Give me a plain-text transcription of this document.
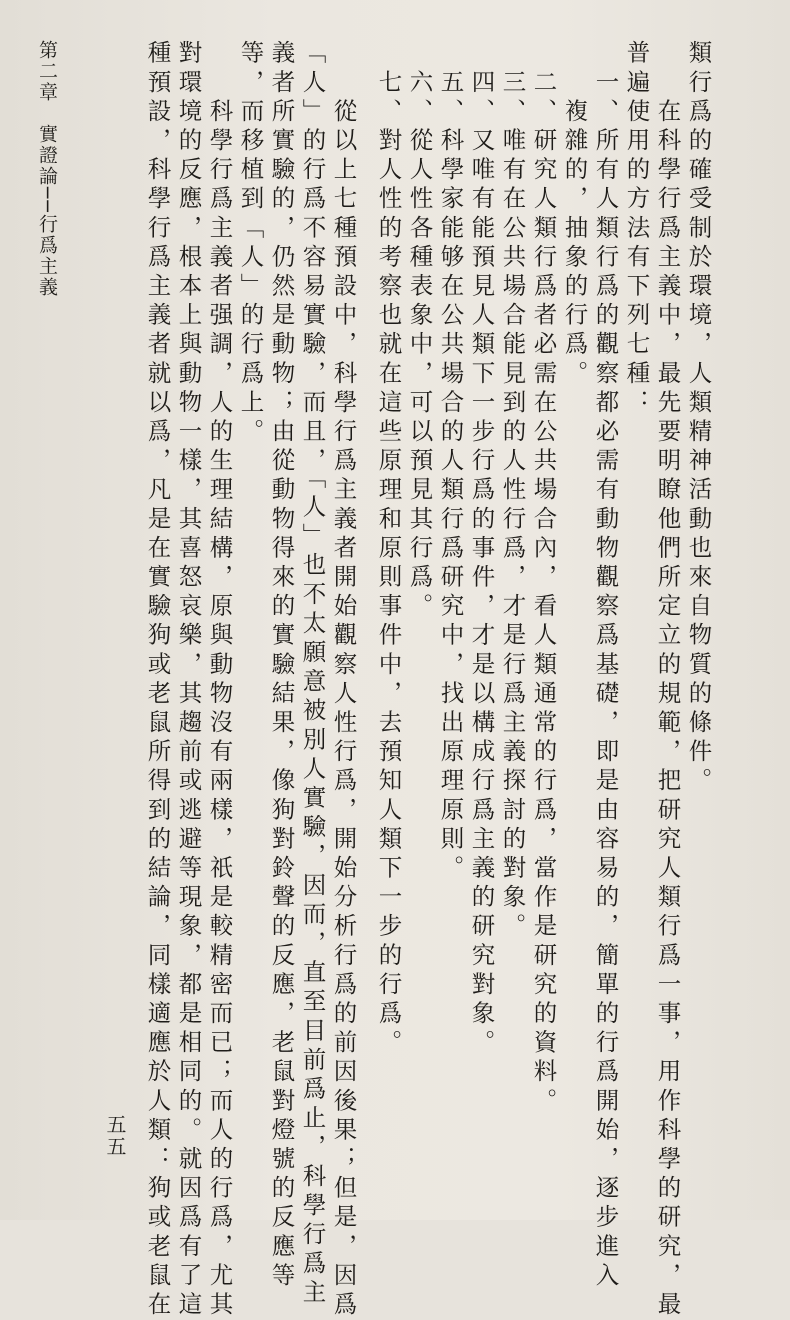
類行爲的確受制於環境，人類精神活動也來自物質的條件。
　　在科學行爲主義中，最先要明瞭他們所定立的規範，把研究人類行爲一事，用作科學的研究，最
普遍使用的方法有下列七種：
　一、所有人類行爲的觀察都必需有動物觀察爲基礎，即是由容易的，簡單的行爲開始，逐步進入
　　複雜的，抽象的行爲。
　二、研究人類行爲者必需在公共場合內，看人類通常的行爲，當作是研究的資料。
　三、唯有在公共場合能見到的人性行爲，才是行爲主義探討的對象。
　四、又唯有能預見人類下一步行爲的事件，才是以構成行爲主義的研究對象。
　五、科學家能够在公共場合的人類行爲研究中，找出原理原則。
　六、從人性各種表象中，可以預見其行爲。
　七、對人性的考察也就在這些原理和原則事件中，去預知人類下一步的行爲。
　　從以上七種預設中，科學行爲主義者開始觀察人性行爲，開始分析行爲的前因後果；但是，因爲
「人」的行爲不容易實驗，而且，「人」也不太願意被別人實驗，因而，直至目前爲止，科學行爲主
義者所實驗的，仍然是動物；由從動物得來的實驗結果，像狗對鈴聲的反應，老鼠對燈號的反應等
等，而移植到「人」的行爲上。
　　科學行爲主義者强調，人的生理結構，原與動物沒有兩樣，祇是較精密而已；而人的行爲，尤其
對環境的反應，根本上與動物一樣，其喜怒哀樂，其趨前或逃避等現象，都是相同的。就因爲有了這
種預設，科學行爲主義者就以爲，凡是在實驗狗或老鼠所得到的結論，同樣適應於人類：狗或老鼠在
第二章　實證論──行爲主義
五五
